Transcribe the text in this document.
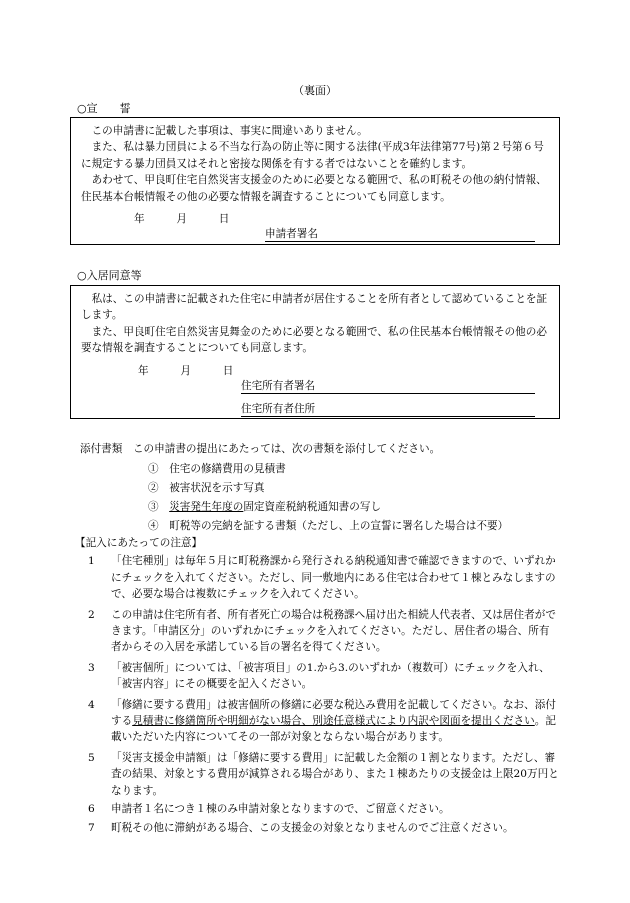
（裏面）
○宣　　誓

この申請書に記載した事項は、事実に間違いありません。

また、私は暴力団員による不当な行為の防止等に関する法律(平成3年法律第77号)第２号第６号に規定する暴力団員又はそれと密接な関係を有する者ではないことを確約します。

あわせて、甲良町住宅自然災害支援金のために必要となる範囲で、私の町税その他の納付情報、住民基本台帳情報その他の必要な情報を調査することについても同意します。

年　　　月　　　日
申請者署名
○入居同意等

私は、この申請書に記載された住宅に申請者が居住することを所有者として認めていることを証します。

また、甲良町住宅自然災害見舞金のために必要となる範囲で、私の住民基本台帳情報その他の必要な情報を調査することについても同意します。

年　　　月　　　日
住宅所有者署名
住宅所有者住所
添付書類　 この申請書の提出にあたっては、次の書類を添付してください。
①　 住宅の修繕費用の見積書
②　 被害状況を示す写真
③　 災害発生年度の固定資産税納税通知書の写し
④　 町税等の完納を証する書類（ただし、上の宣誓に署名した場合は不要）
【記入にあたっての注意】
1	「住宅種別」は毎年５月に町税務課から発行される納税通知書で確認できますので、いずれかにチェックを入れてください。ただし、同一敷地内にある住宅は合わせて１棟とみなしますので、必要な場合は複数にチェックを入れてください。
2	この申請は住宅所有者、所有者死亡の場合は税務課へ届け出た相続人代表者、又は居住者ができます。「申請区分」のいずれかにチェックを入れてください。ただし、居住者の場合、所有者からその入居を承諾している旨の署名を得てください。
3	「被害個所」については、「被害項目」の1.から3.のいずれか（複数可）にチェックを入れ、「被害内容」にその概要を記入ください。
4	「修繕に要する費用」は被害個所の修繕に必要な税込み費用を記載してください。なお、添付する見積書に修繕箇所や明細がない場合、別途任意様式により内訳や図面を提出ください。記載いただいた内容についてその一部が対象とならない場合があります。
5	「災害支援金申請額」は「修繕に要する費用」に記載した金額の１割となります。ただし、審査の結果、対象とする費用が減算される場合があり、また１棟あたりの支援金は上限20万円となります。
6	申請者１名につき１棟のみ申請対象となりますので、ご留意ください。
7	町税その他に滞納がある場合、この支援金の対象となりませんのでご注意ください。
